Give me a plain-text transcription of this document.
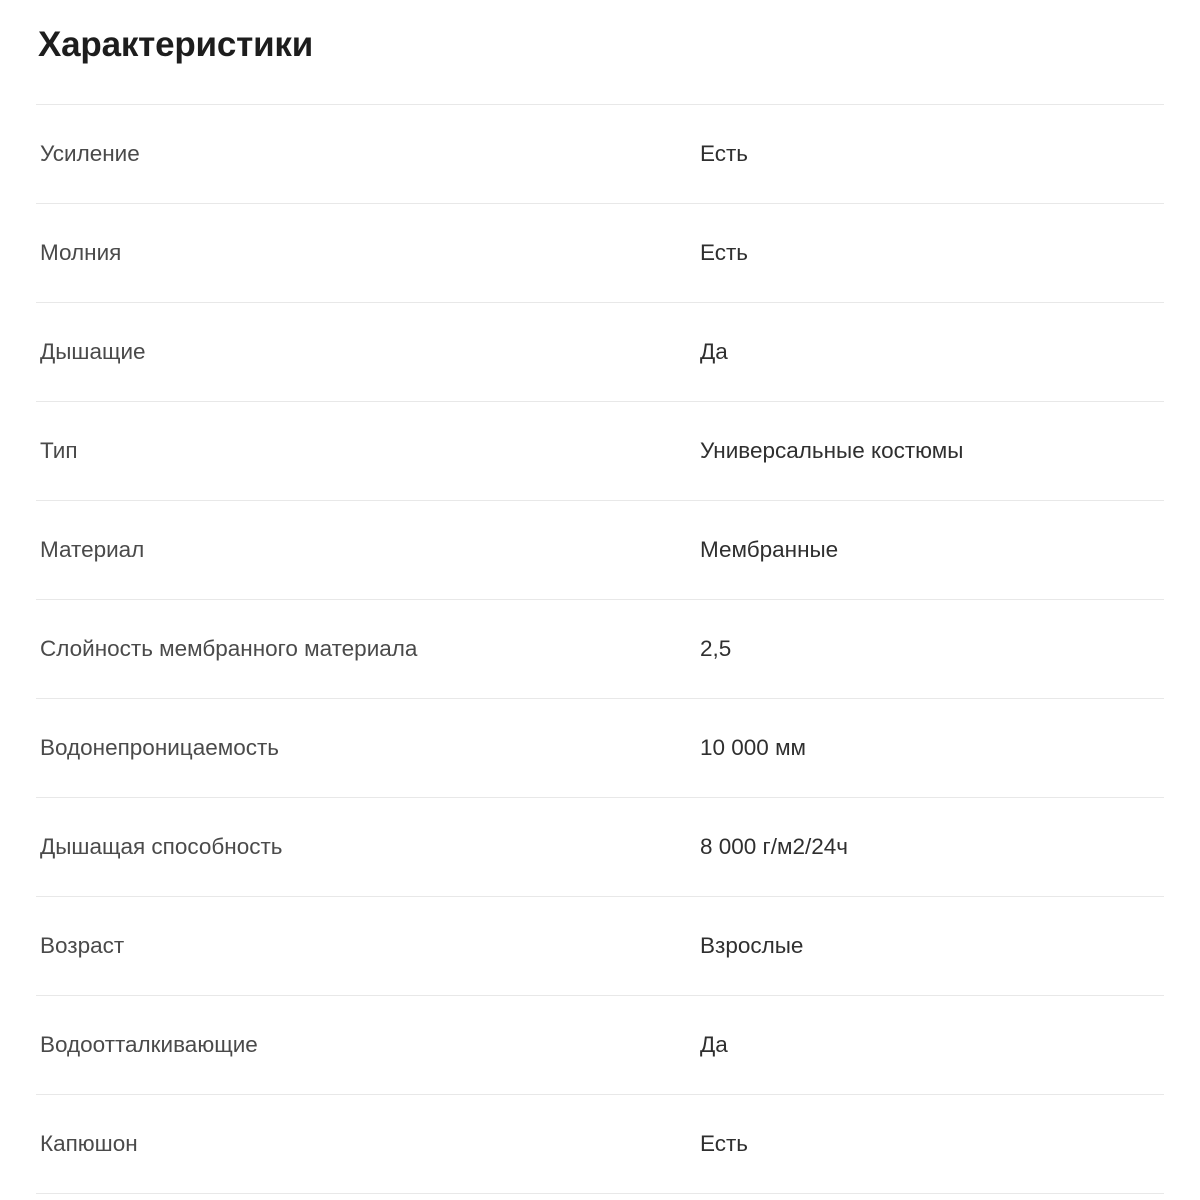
Характеристики
Усиление	Есть
Молния	Есть
Дышащие	Да
Тип	Универсальные костюмы
Материал	Мембранные
Слойность мембранного материала	2,5
Водонепроницаемость	10 000 мм
Дышащая способность	8 000 г/м2/24ч
Возраст	Взрослые
Водоотталкивающие	Да
Капюшон	Есть
